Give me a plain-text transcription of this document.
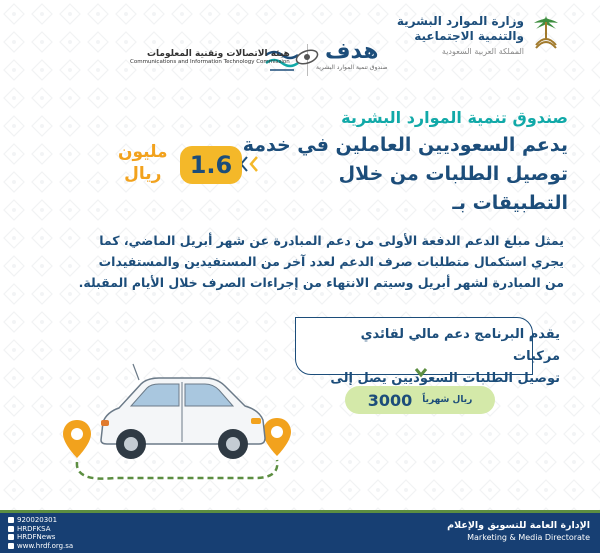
وزارة الموارد البشرية
والتنمية الاجتماعية
المملكة العربية السعودية
هدف
صندوق تنمية الموارد البشرية
هيئة الاتصالات وتقنية المعلومات
Communications and Information Technology Commission
صندوق تنمية الموارد البشرية
يدعم السعوديين العاملين في خدمة
توصيل الطلبات من خلال التطبيقات بـ
1.6
مليون
ريال
يمثل مبلغ الدعم الدفعة الأولى من دعم المبادرة عن شهر أبريل الماضي، كما
يجري استكمال متطلبات صرف الدعم لعدد آخر من المستفيدين والمستفيدات
من المبادرة لشهر أبريل وسيتم الانتهاء من إجراءات الصرف خلال الأيام المقبلة.
يقدم البرنامج دعم مالي لقائدي مركبات
توصيل الطلبات السعوديين يصل إلى
ريال شهرياً
3000
920020301
HRDFKSA
HRDFNews
www.hrdf.org.sa
الإدارة العامة للتسويق والإعلام
Marketing & Media Directorate
